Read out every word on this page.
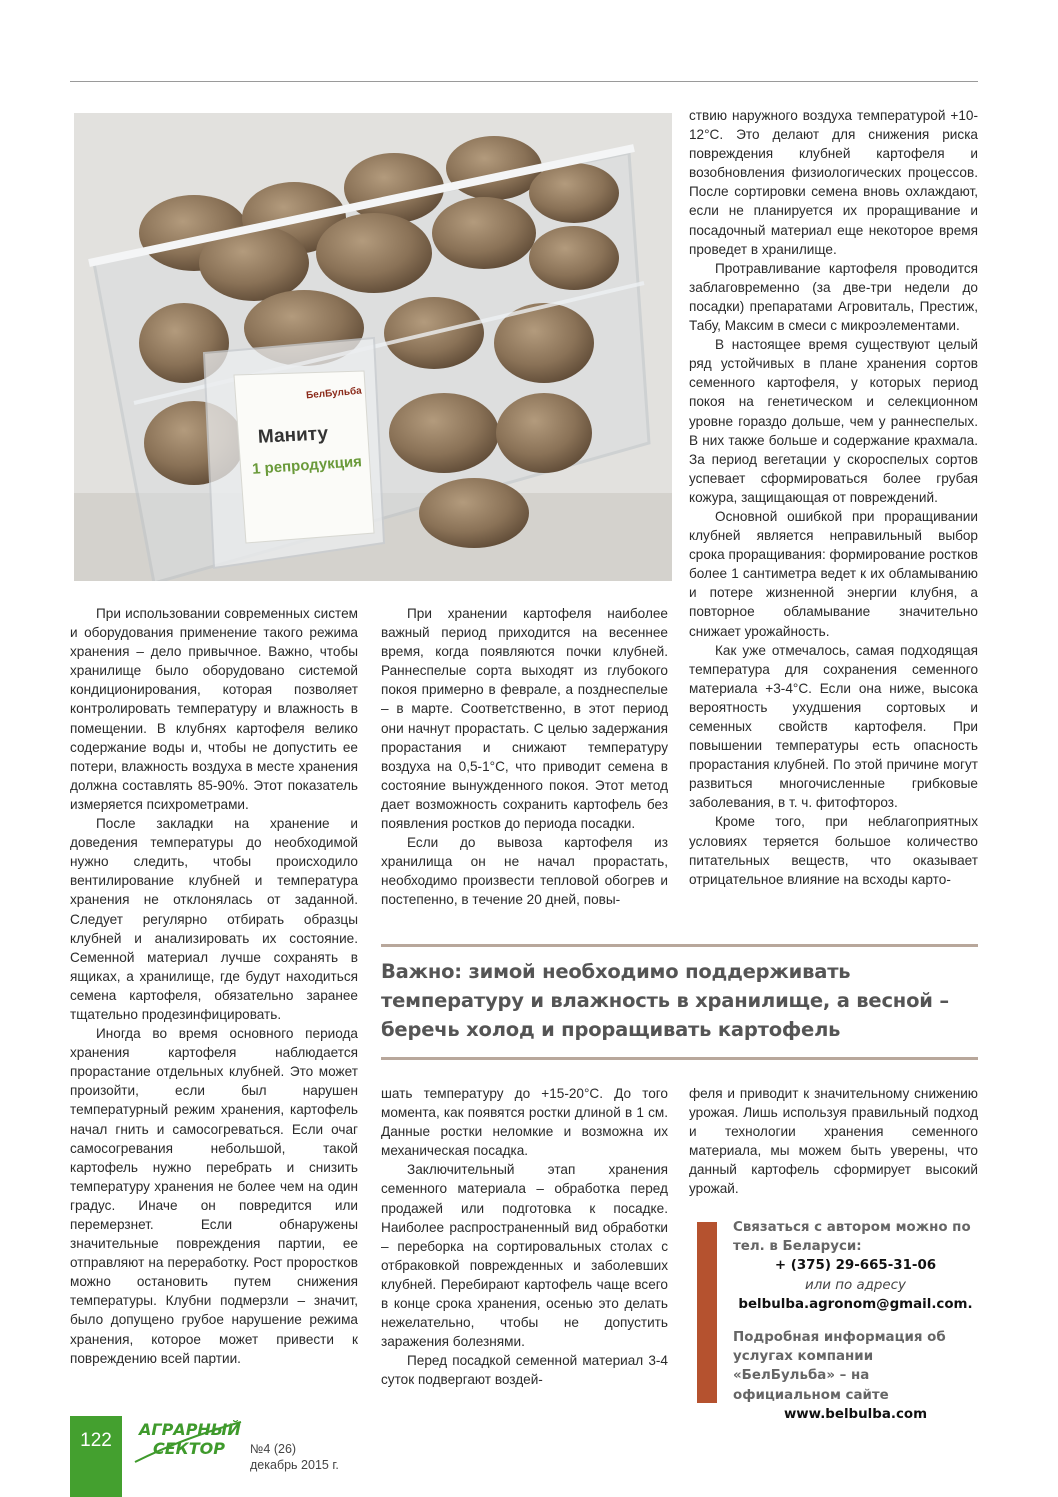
БелБульба
Маниту
1 репродукция

При использовании современных систем и оборудования применение такого режима хранения – дело привычное. Важно, чтобы хранилище было оборудовано системой кондиционирования, которая позволяет контролировать температуру и влажность в помещении. В клубнях картофеля велико содержание воды и, чтобы не допустить ее потери, влажность воздуха в месте хранения должна составлять 85-90%. Этот показатель измеряется психрометрами.

После закладки на хранение и доведения температуры до необходимой нужно следить, чтобы происходило вентилирование клубней и температура хранения не отклонялась от заданной. Следует регулярно отбирать образцы клубней и анализировать их состояние. Семенной материал лучше сохранять в ящиках, а хранилище, где будут находиться семена картофеля, обязательно заранее тщательно продезинфицировать.

Иногда во время основного периода хранения картофеля наблюдается прорастание отдельных клубней. Это может произойти, если был нарушен температурный режим хранения, картофель начал гнить и самосогреваться. Если очаг самосогревания небольшой, такой картофель нужно перебрать и снизить температуру хранения не более чем на один градус. Иначе он повредится или перемерзнет. Если обнаружены значительные повреждения партии, ее отправляют на переработку. Рост проростков можно остановить путем снижения температуры. Клубни подмерзли – значит, было допущено грубое нарушение режима хранения, которое может привести к повреждению всей партии.

При хранении картофеля наиболее важный период приходится на весеннее время, когда появляются почки клубней. Раннеспелые сорта выходят из глубокого покоя примерно в феврале, а позднеспелые – в марте. Соответственно, в этот период они начнут прорастать. С целью задержания прорастания и снижают температуру воздуха на 0,5-1°С, что приводит семена в состояние вынужденного покоя. Этот метод дает возможность сохранить картофель без появления ростков до периода посадки.

Если до вывоза картофеля из хранилища он не начал прорастать, необходимо произвести тепловой обогрев и постепенно, в течение 20 дней, повы-

ствию наружного воздуха температурой +10-12°С. Это делают для снижения риска повреждения клубней картофеля и возобновления физиологических процессов. После сортировки семена вновь охлаждают, если не планируется их проращивание и посадочный материал еще некоторое время проведет в хранилище.

Протравливание картофеля проводится заблаговременно (за две-три недели до посадки) препаратами Агровиталь, Престиж, Табу, Максим в смеси с микроэлементами.

В настоящее время существуют целый ряд устойчивых в плане хранения сортов семенного картофеля, у которых период покоя на генетическом и селекционном уровне гораздо дольше, чем у раннеспелых. В них также больше и содержание крахмала. За период вегетации у скороспелых сортов успевает сформироваться более грубая кожура, защищающая от повреждений.

Основной ошибкой при проращивании клубней является неправильный выбор срока проращивания: формирование ростков более 1 сантиметра ведет к их обламыванию и потере жизненной энергии клубня, а повторное обламывание значительно снижает урожайность.

Как уже отмечалось, самая подходящая температура для сохранения семенного материала +3-4°С. Если она ниже, высока вероятность ухудшения сортовых и семенных свойств картофеля. При повышении температуры есть опасность прорастания клубней. По этой причине могут развиться многочисленные грибковые заболевания, в т. ч. фитофтороз.

Кроме того, при неблагоприятных условиях теряется большое количество питательных веществ, что оказывает отрицательное влияние на всходы карто-

Важно: зимой необходимо поддерживать температуру и влажность в хранилище, а весной – беречь холод и проращивать картофель

шать температуру до +15-20°С. До того момента, как появятся ростки длиной в 1 см. Данные ростки неломкие и возможна их механическая посадка.

Заключительный этап хранения семенного материала – обработка перед продажей или подготовка к посадке. Наиболее распространенный вид обработки – переборка на сортировальных столах с отбраковкой поврежденных и заболевших клубней. Перебирают картофель чаще всего в конце срока хранения, осенью это делать нежелательно, чтобы не допустить заражения болезнями.

Перед посадкой семенной материал 3-4 суток подвергают воздей-

феля и приводит к значительному снижению урожая. Лишь используя правильный подход и технологии хранения семенного материала, мы можем быть уверены, что данный картофель сформирует высокий урожай.

Связаться с автором можно по тел. в Беларуси:
+ (375) 29-665-31-06
или по адресу
belbulba.agronom@gmail.com.
Подробная информация об услугах компании «БелБульба» – на официальном сайте
www.belbulba.com
122
АГРАРНЫЙ
СЕКТОР №4 (26)
декабрь 2015 г.
